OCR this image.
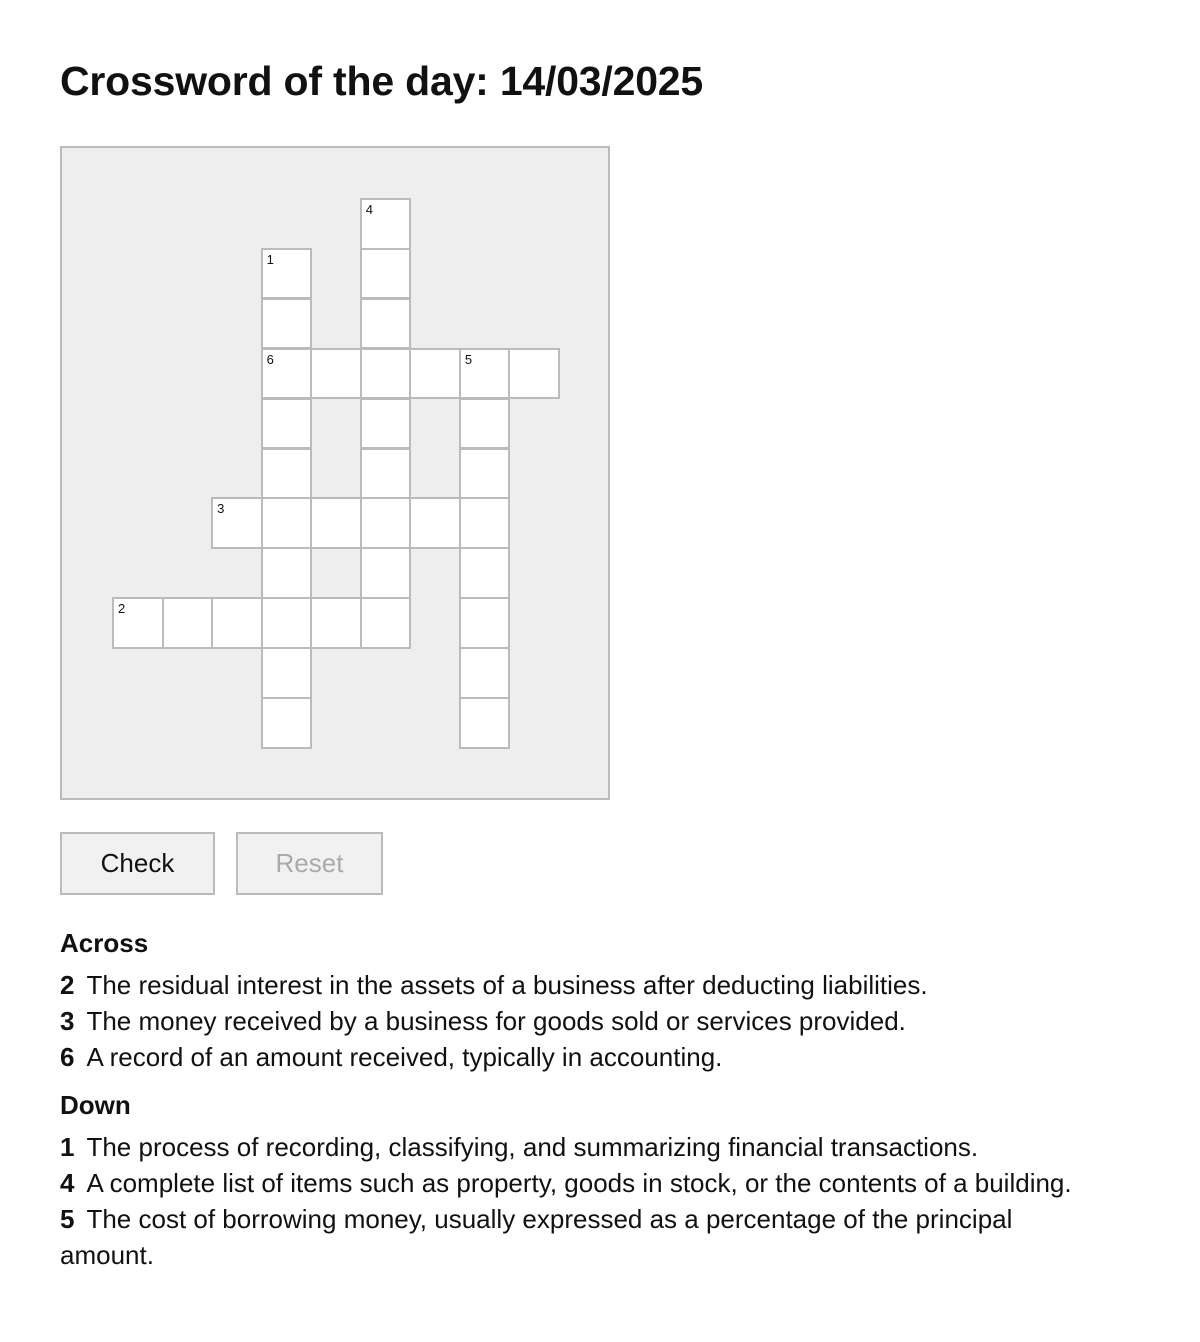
Crossword of the day: 14/03/2025
1
6
2
3
4
5
Check	Reset
Across
2 The residual interest in the assets of a business after deducting liabilities.
3 The money received by a business for goods sold or services provided.
6 A record of an amount received, typically in accounting.
Down
1 The process of recording, classifying, and summarizing financial transactions.
4 A complete list of items such as property, goods in stock, or the contents of a building.
5 The cost of borrowing money, usually expressed as a percentage of the principal amount.
